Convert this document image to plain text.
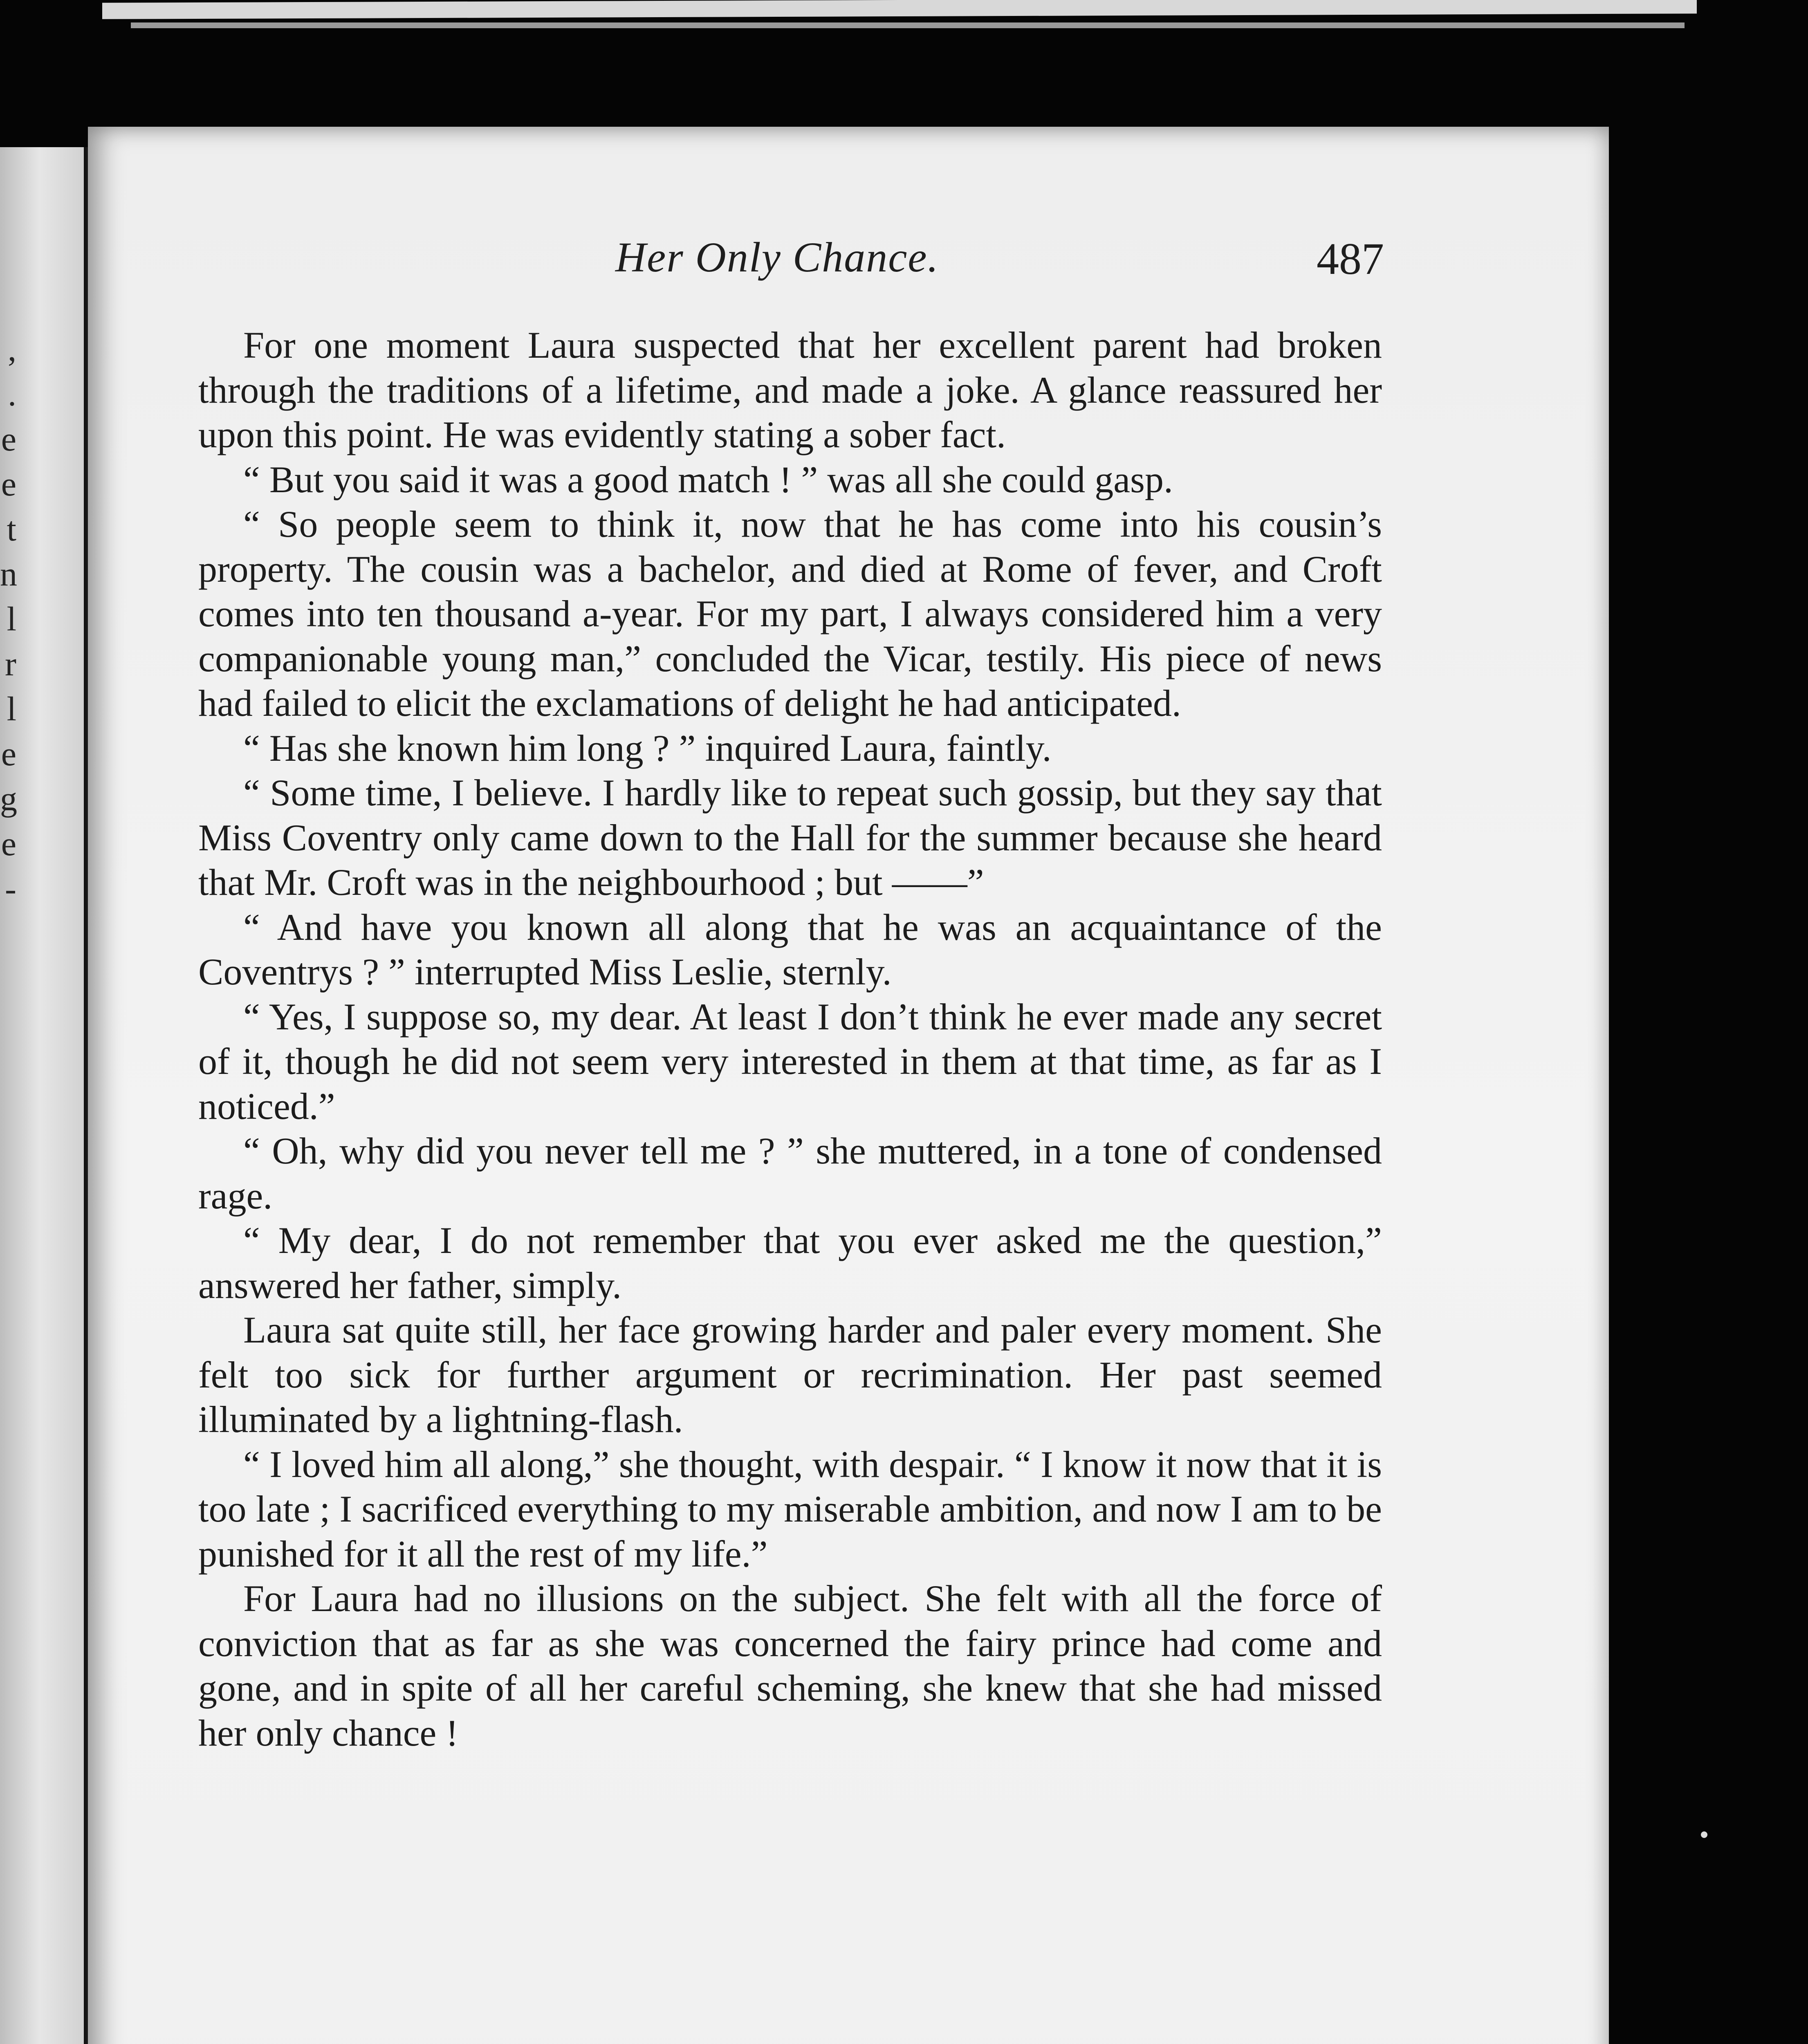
,
.
e
e
t
n
l
r
l
e
g
e
-
Her Only Chance.	487

For one moment Laura suspected that her excellent parent had broken through the traditions of a lifetime, and made a joke. A glance reassured her upon this point. He was evidently stating a sober fact.

“ But you said it was a good match ! ” was all she could gasp.

“ So people seem to think it, now that he has come into his cousin’s property. The cousin was a bachelor, and died at Rome of fever, and Croft comes into ten thousand a-year. For my part, I always considered him a very companionable young man,” concluded the Vicar, testily. His piece of news had failed to elicit the exclamations of delight he had anticipated.

“ Has she known him long ? ” inquired Laura, faintly.

“ Some time, I believe. I hardly like to repeat such gossip, but they say that Miss Coventry only came down to the Hall for the summer because she heard that Mr. Croft was in the neighbourhood ; but ——”

“ And have you known all along that he was an acquaintance of the Coventrys ? ” interrupted Miss Leslie, sternly.

“ Yes, I suppose so, my dear. At least I don’t think he ever made any secret of it, though he did not seem very interested in them at that time, as far as I noticed.”

“ Oh, why did you never tell me ? ” she muttered, in a tone of condensed rage.

“ My dear, I do not remember that you ever asked me the question,” answered her father, simply.

Laura sat quite still, her face growing harder and paler every moment. She felt too sick for further argument or recrimination. Her past seemed illuminated by a lightning-flash.

“ I loved him all along,” she thought, with despair. “ I know it now that it is too late ; I sacrificed everything to my miserable ambition, and now I am to be punished for it all the rest of my life.”

For Laura had no illusions on the subject. She felt with all the force of conviction that as far as she was concerned the fairy prince had come and gone, and in spite of all her careful scheming, she knew that she had missed her only chance !
